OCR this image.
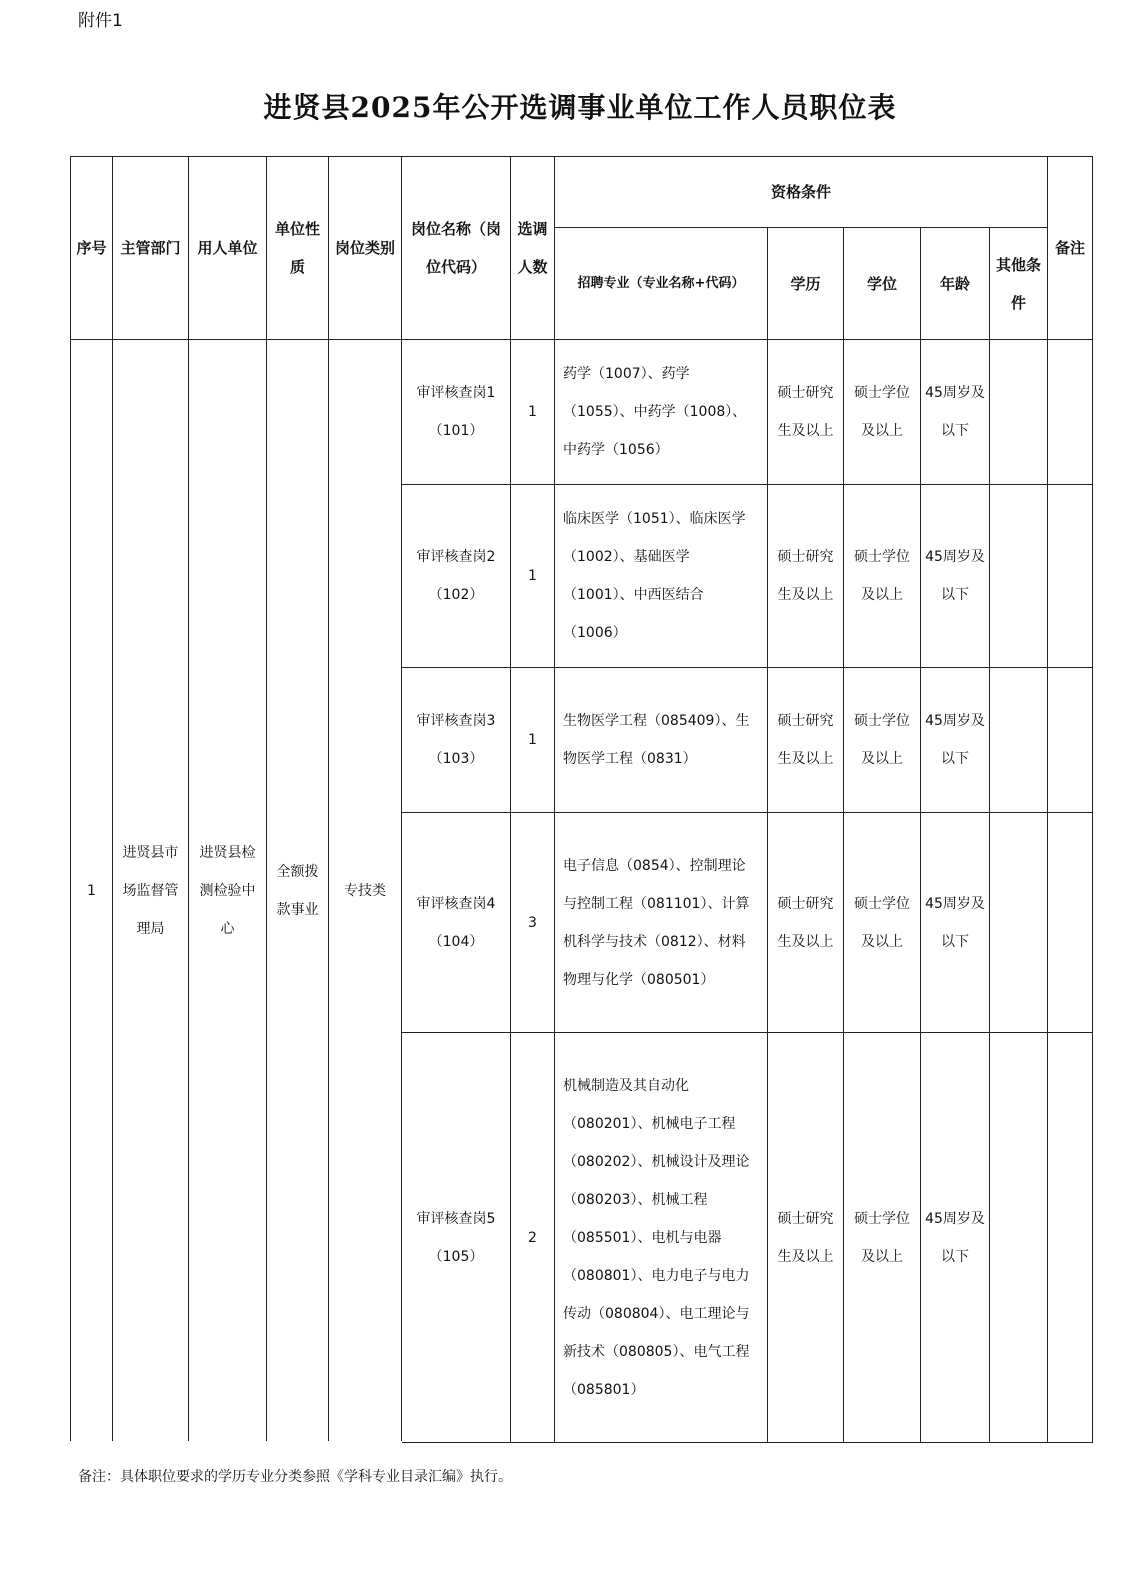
附件1
进贤县2025年公开选调事业单位工作人员职位表
序号	主管部门	用人单位	单位性质	岗位类别	岗位名称（岗位代码）	选调人数	资格条件					备注
							招聘专业（专业名称+代码）	学历	学位	年龄	其他条件	
1	进贤县市场监督管理局	进贤县检测检验中心	全额拨款事业	专技类	审评核查岗1
（101）	1	药学（1007）、药学（1055）、中药学（1008）、中药学（1056）	硕士研究生及以上	硕士学位及以上	45周岁及以下		
					审评核查岗2
（102）	1	临床医学（1051）、临床医学（1002）、基础医学（1001）、中西医结合（1006）	硕士研究生及以上	硕士学位及以上	45周岁及以下		
					审评核查岗3
（103）	1	生物医学工程（085409）、生物医学工程（0831）	硕士研究生及以上	硕士学位及以上	45周岁及以下		
					审评核查岗4
（104）	3	电子信息（0854）、控制理论与控制工程（081101）、计算机科学与技术（0812）、材料物理与化学（080501）	硕士研究生及以上	硕士学位及以上	45周岁及以下		
					审评核查岗5
（105）	2	机械制造及其自动化（080201）、机械电子工程（080202）、机械设计及理论（080203）、机械工程（085501）、电机与电器（080801）、电力电子与电力传动（080804）、电工理论与新技术（080805）、电气工程（085801）	硕士研究生及以上	硕士学位及以上	45周岁及以下		
备注：具体职位要求的学历专业分类参照《学科专业目录汇编》执行。
